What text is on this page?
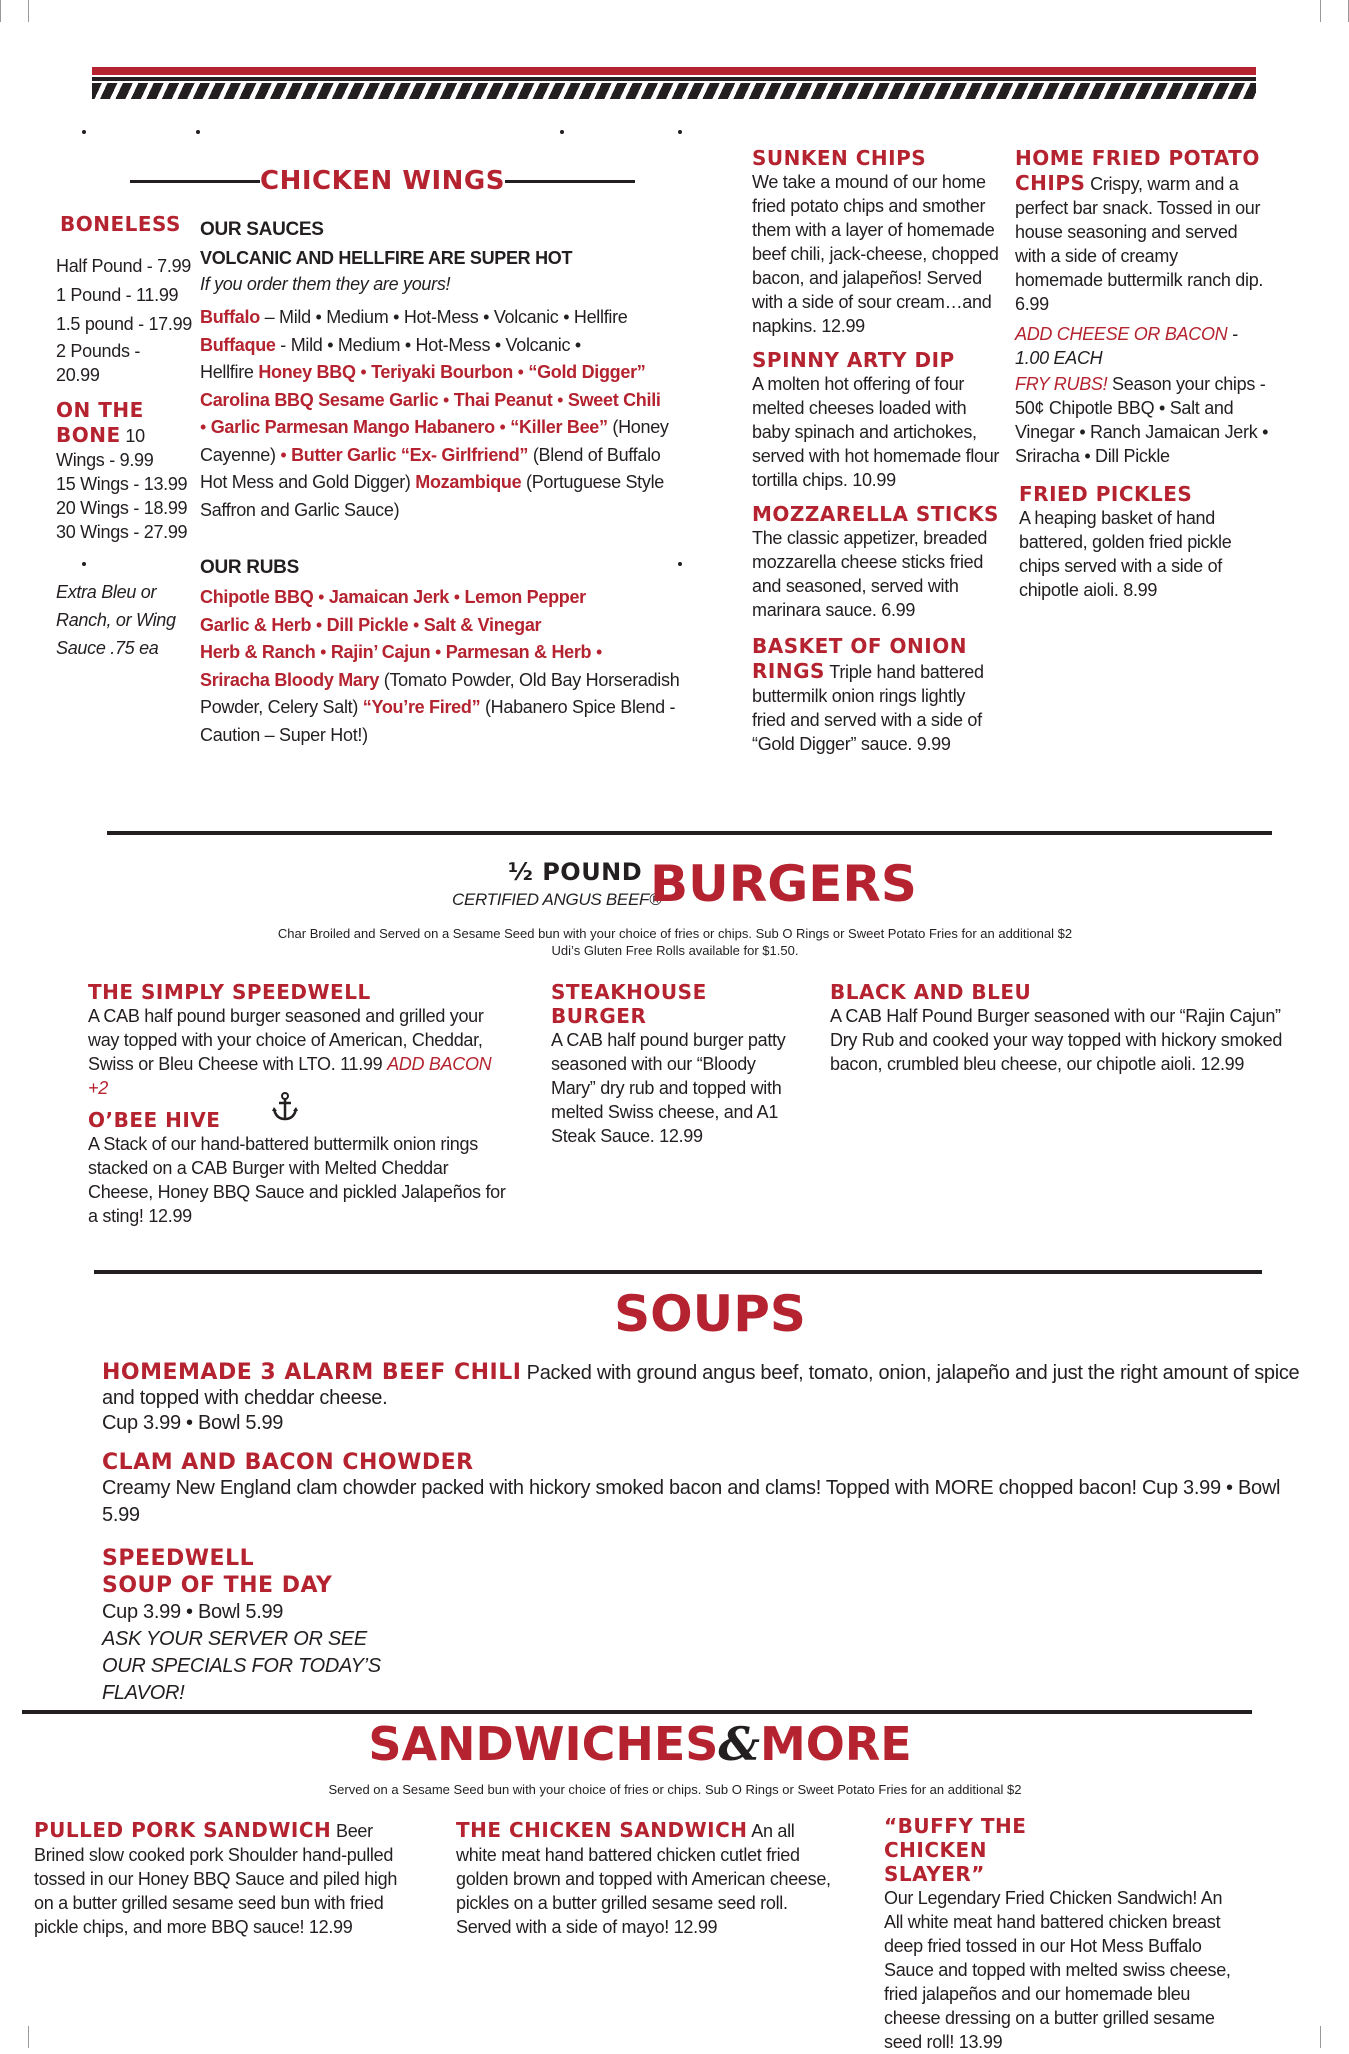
CHICKEN WINGS
BONELESS
Half Pound - 7.99
1 Pound - 11.99
1.5 pound - 17.99
2 Pounds - 20.99
ON THE BONE 10
Wings - 9.99
15 Wings - 13.99
20 Wings - 18.99
30 Wings - 27.99
Extra Bleu or Ranch, or Wing Sauce .75 ea
OUR SAUCES
VOLCANIC AND HELLFIRE ARE SUPER HOT
If you order them they are yours!
Buffalo – Mild • Medium • Hot-Mess • Volcanic • Hellfire
Buffaque - Mild • Medium • Hot-Mess • Volcanic •
Hellfire Honey BBQ • Teriyaki Bourbon • “Gold Digger”
Carolina BBQ Sesame Garlic • Thai Peanut • Sweet Chili
• Garlic Parmesan Mango Habanero • “Killer Bee” (Honey Cayenne) • Butter Garlic “Ex- Girlfriend” (Blend of Buffalo Hot Mess and Gold Digger) Mozambique (Portuguese Style Saffron and Garlic Sauce)
OUR RUBS
Chipotle BBQ • Jamaican Jerk • Lemon Pepper
Garlic & Herb • Dill Pickle • Salt & Vinegar
Herb & Ranch • Rajin’ Cajun • Parmesan & Herb •
Sriracha Bloody Mary (Tomato Powder, Old Bay Horseradish Powder, Celery Salt) “You’re Fired” (Habanero Spice Blend - Caution – Super Hot!)
SUNKEN CHIPS
We take a mound of our home fried potato chips and smother them with a layer of homemade beef chili, jack-cheese, chopped bacon, and jalapeños! Served with a side of sour cream…and napkins. 12.99
SPINNY ARTY DIP
A molten hot offering of four melted cheeses loaded with baby spinach and artichokes, served with hot homemade flour tortilla chips. 10.99
MOZZARELLA STICKS
The classic appetizer, breaded mozzarella cheese sticks fried and seasoned, served with marinara sauce. 6.99
BASKET OF ONION RINGS Triple hand battered buttermilk onion rings lightly fried and served with a side of “Gold Digger” sauce. 9.99
HOME FRIED POTATO CHIPS Crispy, warm and a perfect bar snack. Tossed in our house seasoning and served with a side of creamy homemade buttermilk ranch dip. 6.99
ADD CHEESE OR BACON - 1.00 EACH
FRY RUBS! Season your chips - 50¢ Chipotle BBQ • Salt and Vinegar • Ranch Jamaican Jerk • Sriracha • Dill Pickle
FRIED PICKLES
A heaping basket of hand battered, golden fried pickle chips served with a side of chipotle aioli. 8.99
½ POUND
CERTIFIED ANGUS BEEF®
BURGERS
Char Broiled and Served on a Sesame Seed bun with your choice of fries or chips. Sub O Rings or Sweet Potato Fries for an additional $2
Udi’s Gluten Free Rolls available for $1.50.
THE SIMPLY SPEEDWELL
A CAB half pound burger seasoned and grilled your way topped with your choice of American, Cheddar, Swiss or Bleu Cheese with LTO. 11.99 ADD BACON +2
O’BEE HIVE
A Stack of our hand-battered buttermilk onion rings stacked on a CAB Burger with Melted Cheddar Cheese, Honey BBQ Sauce and pickled Jalapeños for a sting! 12.99
STEAKHOUSE BURGER
A CAB half pound burger patty seasoned with our “Bloody Mary” dry rub and topped with melted Swiss cheese, and A1 Steak Sauce. 12.99
BLACK AND BLEU
A CAB Half Pound Burger seasoned with our “Rajin Cajun” Dry Rub and cooked your way topped with hickory smoked bacon, crumbled bleu cheese, our chipotle aioli. 12.99
SOUPS
HOMEMADE 3 ALARM BEEF CHILI Packed with ground angus beef, tomato, onion, jalapeño and just the right amount of spice and topped with cheddar cheese.
Cup 3.99 • Bowl 5.99
CLAM AND BACON CHOWDER
Creamy New England clam chowder packed with hickory smoked bacon and clams! Topped with MORE chopped bacon! Cup 3.99 • Bowl 5.99
SPEEDWELL
SOUP OF THE DAY
Cup 3.99 • Bowl 5.99
ASK YOUR SERVER OR SEE OUR SPECIALS FOR TODAY’S FLAVOR!
SANDWICHES&MORE
Served on a Sesame Seed bun with your choice of fries or chips. Sub O Rings or Sweet Potato Fries for an additional $2
PULLED PORK SANDWICH Beer Brined slow cooked pork Shoulder hand-pulled tossed in our Honey BBQ Sauce and piled high on a butter grilled sesame seed bun with fried pickle chips, and more BBQ sauce! 12.99
THE CHICKEN SANDWICH An all white meat hand battered chicken cutlet fried golden brown and topped with American cheese, pickles on a butter grilled sesame seed roll. Served with a side of mayo! 12.99
“BUFFY THE CHICKEN SLAYER”
Our Legendary Fried Chicken Sandwich! An All white meat hand battered chicken breast deep fried tossed in our Hot Mess Buffalo Sauce and topped with melted swiss cheese, fried jalapeños and our homemade bleu cheese dressing on a butter grilled sesame seed roll! 13.99
